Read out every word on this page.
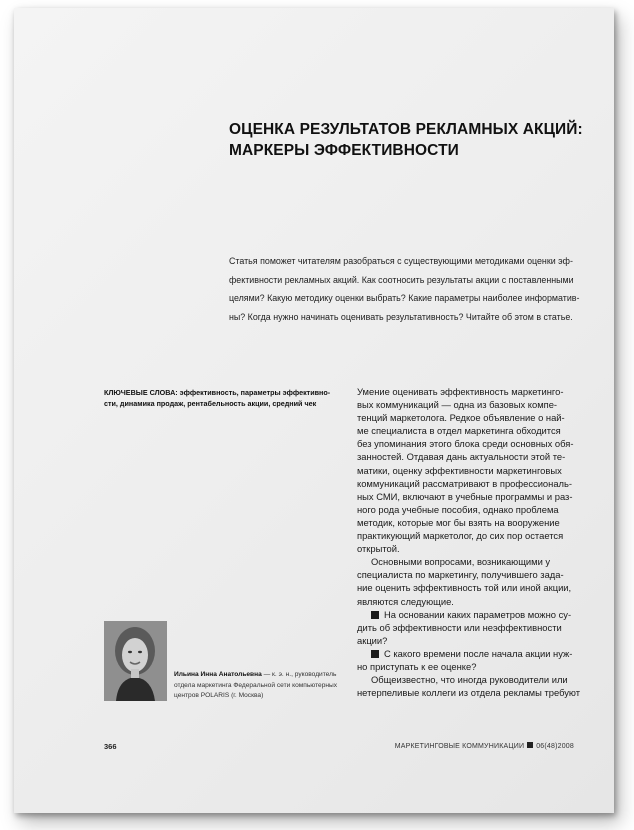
ОЦЕНКА РЕЗУЛЬТАТОВ РЕКЛАМНЫХ АКЦИЙ:
МАРКЕРЫ ЭФФЕКТИВНОСТИ
Статья поможет читателям разобраться с существующими методиками оценки эф-
фективности рекламных акций. Как соотносить результаты акции с поставленными
целями? Какую методику оценки выбрать? Какие параметры наиболее информатив-
ны? Когда нужно начинать оценивать результативность? Читайте об этом в статье.
КЛЮЧЕВЫЕ СЛОВА: эффективность, параметры эффективно-
сти, динамика продаж, рентабельность акции, средний чек
Ильина Инна Анатольевна — к. э. н., руководитель
отдела маркетинга Федеральной сети компьютерных
центров POLARIS (г. Москва)

Умение оценивать эффективность маркетинго-
вых коммуникаций — одна из базовых компе-
тенций маркетолога. Редкое объявление о най-
ме специалиста в отдел маркетинга обходится
без упоминания этого блока среди основных обя-
занностей. Отдавая дань актуальности этой те-
матики, оценку эффективности маркетинговых
коммуникаций рассматривают в профессиональ-
ных СМИ, включают в учебные программы и раз-
ного рода учебные пособия, однако проблема
методик, которые мог бы взять на вооружение
практикующий маркетолог, до сих пор остается
открытой.

Основными вопросами, возникающими у
специалиста по маркетингу, получившего зада-
ние оценить эффективность той или иной акции,
являются следующие.

На основании каких параметров можно су-
дить об эффективности или неэффективности
акции?

С какого времени после начала акции нуж-
но приступать к ее оценке?

Общеизвестно, что иногда руководители или
нетерпеливые коллеги из отдела рекламы требуют

366	МАРКЕТИНГОВЫЕ КОММУНИКАЦИИ 06(48)2008
